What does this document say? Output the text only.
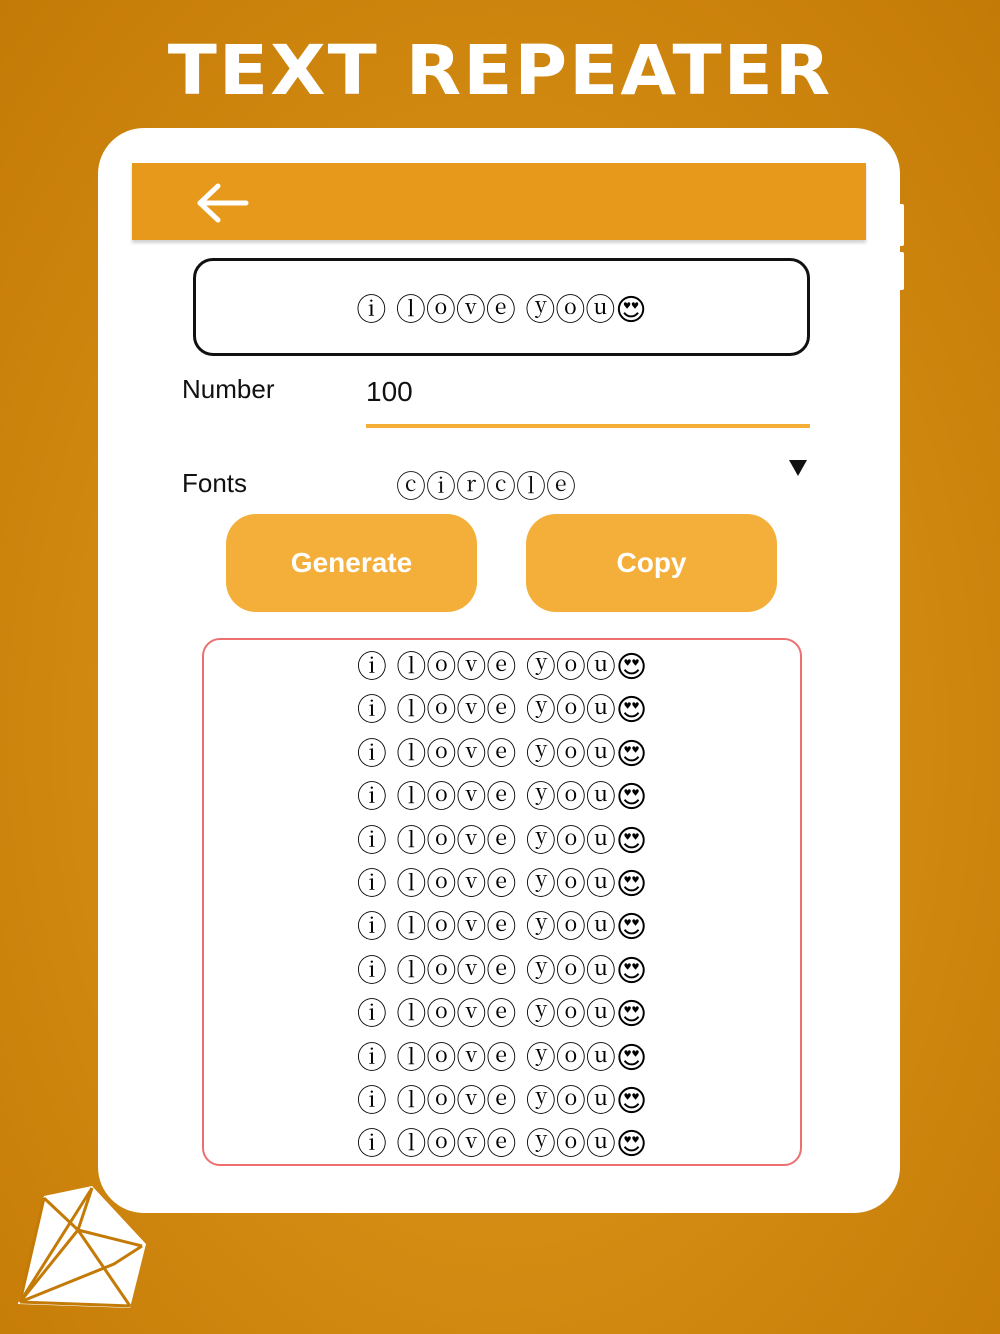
TEXT REPEATER
ⓘ ⓛⓞⓥⓔ ⓨⓞⓤ😍
Number	100
Fonts	ⓒⓘⓡⓒⓛⓔ
Generate	Copy
ⓘ ⓛⓞⓥⓔ ⓨⓞⓤ😍
ⓘ ⓛⓞⓥⓔ ⓨⓞⓤ😍
ⓘ ⓛⓞⓥⓔ ⓨⓞⓤ😍
ⓘ ⓛⓞⓥⓔ ⓨⓞⓤ😍
ⓘ ⓛⓞⓥⓔ ⓨⓞⓤ😍
ⓘ ⓛⓞⓥⓔ ⓨⓞⓤ😍
ⓘ ⓛⓞⓥⓔ ⓨⓞⓤ😍
ⓘ ⓛⓞⓥⓔ ⓨⓞⓤ😍
ⓘ ⓛⓞⓥⓔ ⓨⓞⓤ😍
ⓘ ⓛⓞⓥⓔ ⓨⓞⓤ😍
ⓘ ⓛⓞⓥⓔ ⓨⓞⓤ😍
ⓘ ⓛⓞⓥⓔ ⓨⓞⓤ😍
